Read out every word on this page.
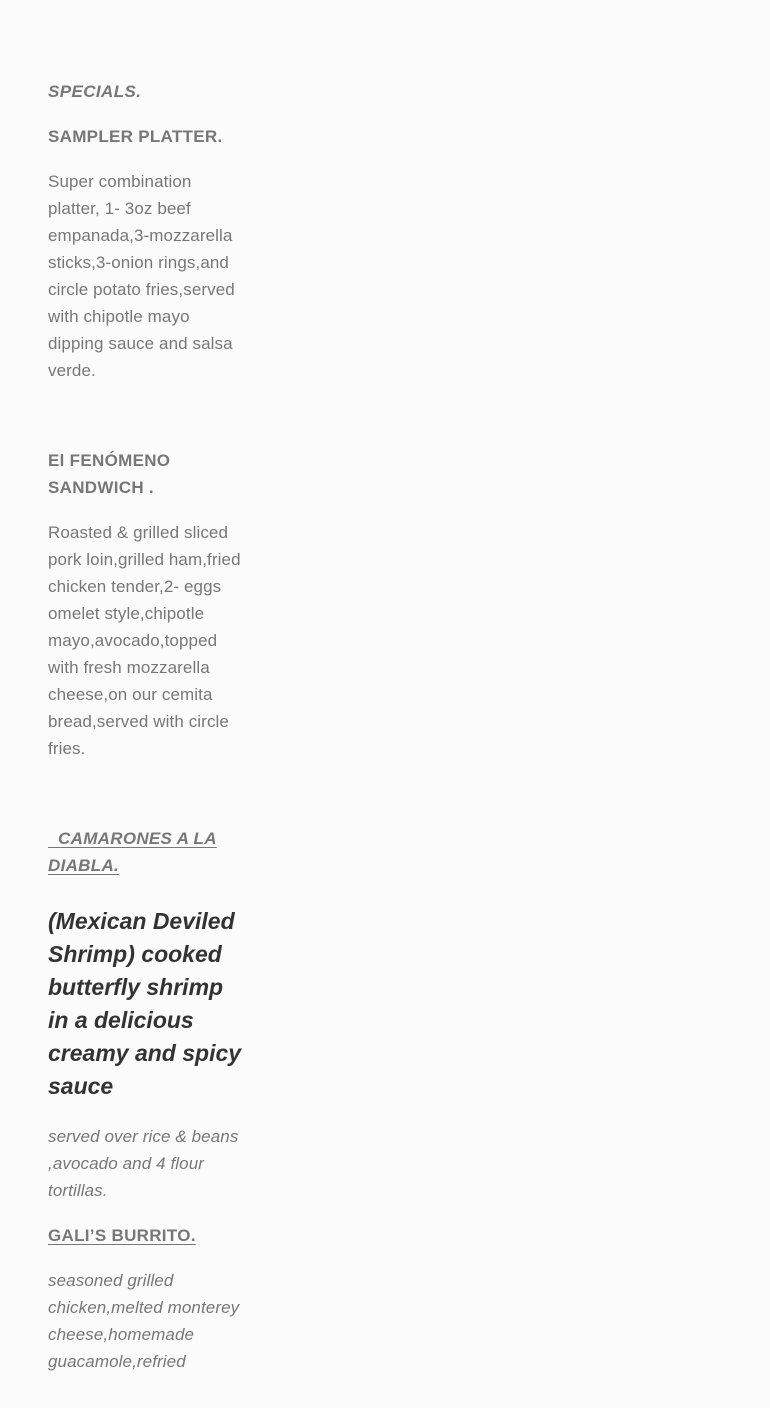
SPECIALS.
SAMPLER PLATTER.

Super combination platter, 1- 3oz beef empanada,3-mozzarella sticks,3-onion rings,and circle potato fries,served with chipotle mayo dipping sauce and salsa verde.

El FENÓMENO SANDWICH .

Roasted & grilled sliced pork loin,grilled ham,fried chicken tender,2- eggs omelet style,chipotle mayo,avocado,topped with fresh mozzarella cheese,on our cemita bread,served with circle fries.

CAMARONES A LA DIABLA.

(Mexican Deviled Shrimp) cooked butterfly shrimp in a delicious creamy and spicy sauce

served over rice & beans ,avocado and 4 flour tortillas.

GALI’S BURRITO.

seasoned grilled chicken,melted monterey cheese,homemade guacamole,refried
